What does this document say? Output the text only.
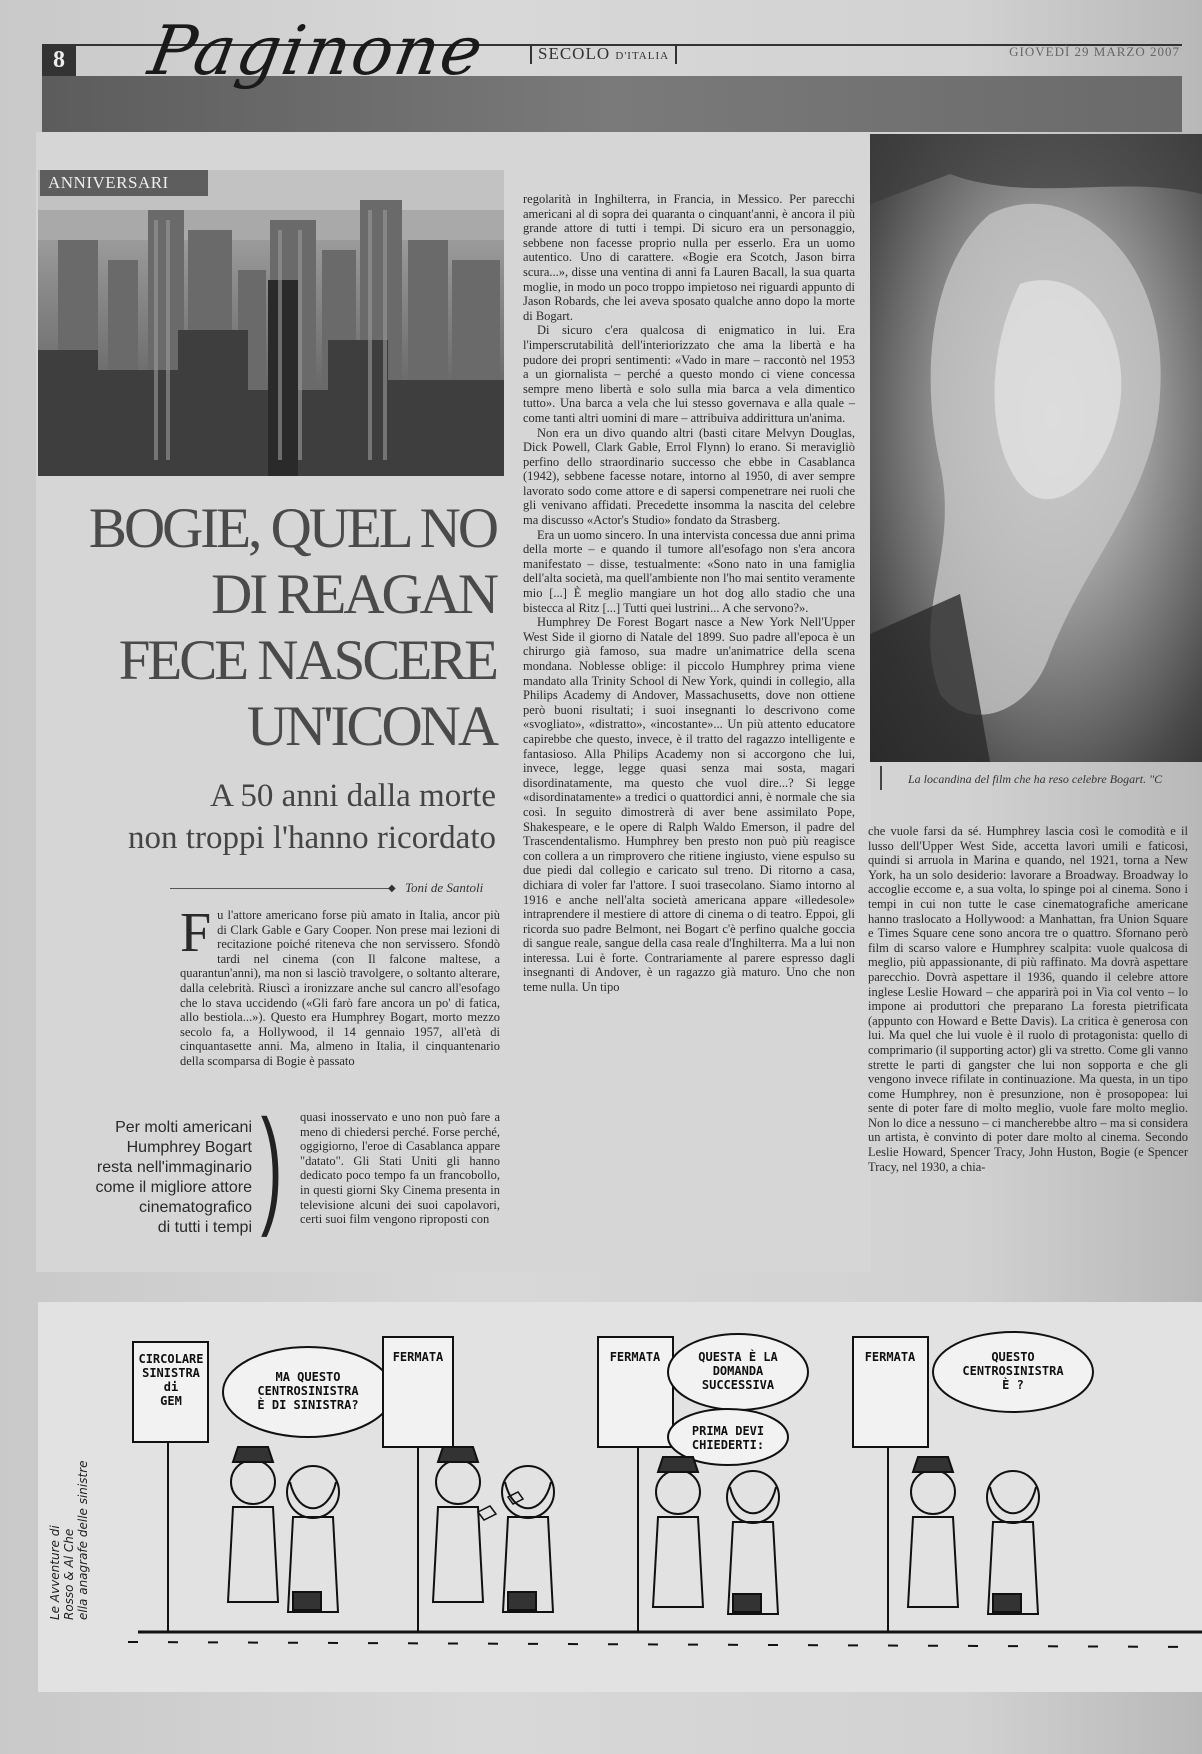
8	SECOLO D'ITALIA	GIOVEDÌ 29 MARZO 2007
Paginone
ANNIVERSARI
BOGIE, QUEL NO
DI REAGAN
FECE NASCERE
UN'ICONA
A 50 anni dalla morte
non troppi l'hanno ricordato
◆ Toni de Santoli

Fu l'attore americano forse più amato in Italia, ancor più di Clark Gable e Gary Cooper. Non prese mai lezioni di recitazione poiché riteneva che non servissero. Sfondò tardi nel cinema (con Il falcone maltese, a quarantun'anni), ma non si lasciò travolgere, o soltanto alterare, dalla celebrità. Riuscì a ironizzare anche sul cancro all'esofago che lo stava uccidendo («Gli farò fare ancora un po' di fatica, allo bestiola...»). Questo era Humphrey Bogart, morto mezzo secolo fa, a Hollywood, il 14 gennaio 1957, all'età di cinquantasette anni. Ma, almeno in Italia, il cinquantenario della scomparsa di Bogie è passato

quasi inosservato e uno non può fare a meno di chiedersi perché. Forse perché, oggigiorno, l'eroe di Casablanca appare "datato". Gli Stati Uniti gli hanno dedicato poco tempo fa un francobollo, in questi giorni Sky Cinema presenta in televisione alcuni dei suoi capolavori, certi suoi film vengono riproposti con

Per molti americani
Humphrey Bogart
resta nell'immaginario
come il migliore attore
cinematografico
di tutti i tempi )

regolarità in Inghilterra, in Francia, in Messico. Per parecchi americani al di sopra dei quaranta o cinquant'anni, è ancora il più grande attore di tutti i tempi. Di sicuro era un personaggio, sebbene non facesse proprio nulla per esserlo. Era un uomo autentico. Uno di carattere. «Bogie era Scotch, Jason birra scura...», disse una ventina di anni fa Lauren Bacall, la sua quarta moglie, in modo un poco troppo impietoso nei riguardi appunto di Jason Robards, che lei aveva sposato qualche anno dopo la morte di Bogart.

Di sicuro c'era qualcosa di enigmatico in lui. Era l'imperscrutabilità dell'interiorizzato che ama la libertà e ha pudore dei propri sentimenti: «Vado in mare – raccontò nel 1953 a un giornalista – perché a questo mondo ci viene concessa sempre meno libertà e solo sulla mia barca a vela dimentico tutto». Una barca a vela che lui stesso governava e alla quale – come tanti altri uomini di mare – attribuiva addirittura un'anima.

Non era un divo quando altri (basti citare Melvyn Douglas, Dick Powell, Clark Gable, Errol Flynn) lo erano. Si meravigliò perfino dello straordinario successo che ebbe in Casablanca (1942), sebbene facesse notare, intorno al 1950, di aver sempre lavorato sodo come attore e di sapersi compenetrare nei ruoli che gli venivano affidati. Precedette insomma la nascita del celebre ma discusso «Actor's Studio» fondato da Strasberg.

Era un uomo sincero. In una intervista concessa due anni prima della morte – e quando il tumore all'esofago non s'era ancora manifestato – disse, testualmente: «Sono nato in una famiglia dell'alta società, ma quell'ambiente non l'ho mai sentito veramente mio [...] È meglio mangiare un hot dog allo stadio che una bistecca al Ritz [...] Tutti quei lustrini... A che servono?».

Humphrey De Forest Bogart nasce a New York Nell'Upper West Side il giorno di Natale del 1899. Suo padre all'epoca è un chirurgo già famoso, sua madre un'animatrice della scena mondana. Noblesse oblige: il piccolo Humphrey prima viene mandato alla Trinity School di New York, quindi in collegio, alla Philips Academy di Andover, Massachusetts, dove non ottiene però buoni risultati; i suoi insegnanti lo descrivono come «svogliato», «distratto», «incostante»... Un più attento educatore capirebbe che questo, invece, è il tratto del ragazzo intelligente e fantasioso. Alla Philips Academy non si accorgono che lui, invece, legge, legge quasi senza mai sosta, magari disordinatamente, ma questo che vuol dire...? Si legge «disordinatamente» a tredici o quattordici anni, è normale che sia così. In seguito dimostrerà di aver bene assimilato Pope, Shakespeare, e le opere di Ralph Waldo Emerson, il padre del Trascendentalismo. Humphrey ben presto non può più reagisce con collera a un rimprovero che ritiene ingiusto, viene espulso su due piedi dal collegio e caricato sul treno. Di ritorno a casa, dichiara di voler far l'attore. I suoi trasecolano. Siamo intorno al 1916 e anche nell'alta società americana appare «illedesole» intraprendere il mestiere di attore di cinema o di teatro. Eppoi, gli ricorda suo padre Belmont, nei Bogart c'è perfino qualche goccia di sangue reale, sangue della casa reale d'Inghilterra. Ma a lui non interessa. Lui è forte. Contrariamente al parere espresso dagli insegnanti di Andover, è un ragazzo già maturo. Uno che non teme nulla. Un tipo

La locandina del film che ha reso celebre Bogart. "C

che vuole farsi da sé. Humphrey lascia così le comodità e il lusso dell'Upper West Side, accetta lavori umili e faticosi, quindi si arruola in Marina e quando, nel 1921, torna a New York, ha un solo desiderio: lavorare a Broadway. Broadway lo accoglie eccome e, a sua volta, lo spinge poi al cinema. Sono i tempi in cui non tutte le case cinematografiche americane hanno traslocato a Hollywood: a Manhattan, fra Union Square e Times Square cene sono ancora tre o quattro. Sfornano però film di scarso valore e Humphrey scalpita: vuole qualcosa di meglio, più appassionante, di più raffinato. Ma dovrà aspettare parecchio. Dovrà aspettare il 1936, quando il celebre attore inglese Leslie Howard – che apparirà poi in Via col vento – lo impone ai produttori che preparano La foresta pietrificata (appunto con Howard e Bette Davis). La critica è generosa con lui. Ma quel che lui vuole è il ruolo di protagonista: quello di comprimario (il supporting actor) gli va stretto. Come gli vanno strette le parti di gangster che lui non sopporta e che gli vengono invece rifilate in continuazione. Ma questa, in un tipo come Humphrey, non è presunzione, non è prosopopea: lui sente di poter fare di molto meglio, vuole fare molto meglio. Non lo dice a nessuno – ci mancherebbe altro – ma si considera un artista, è convinto di poter dare molto al cinema. Secondo Leslie Howard, Spencer Tracy, John Huston, Bogie (e Spencer Tracy, nel 1930, a chia-

CIRCOLARE
SINISTRA
di
GEM
MA QUESTO
CENTROSINISTRA
È DI SINISTRA?
FERMATA	FERMATA	QUESTA È LA
DOMANDA
SUCCESSIVA
PRIMA DEVI
CHIEDERTI:
FERMATA	QUESTO
CENTROSINISTRA
È ?
Le Avventure di Rosso & Al Che ella anagrafe delle sinistre
